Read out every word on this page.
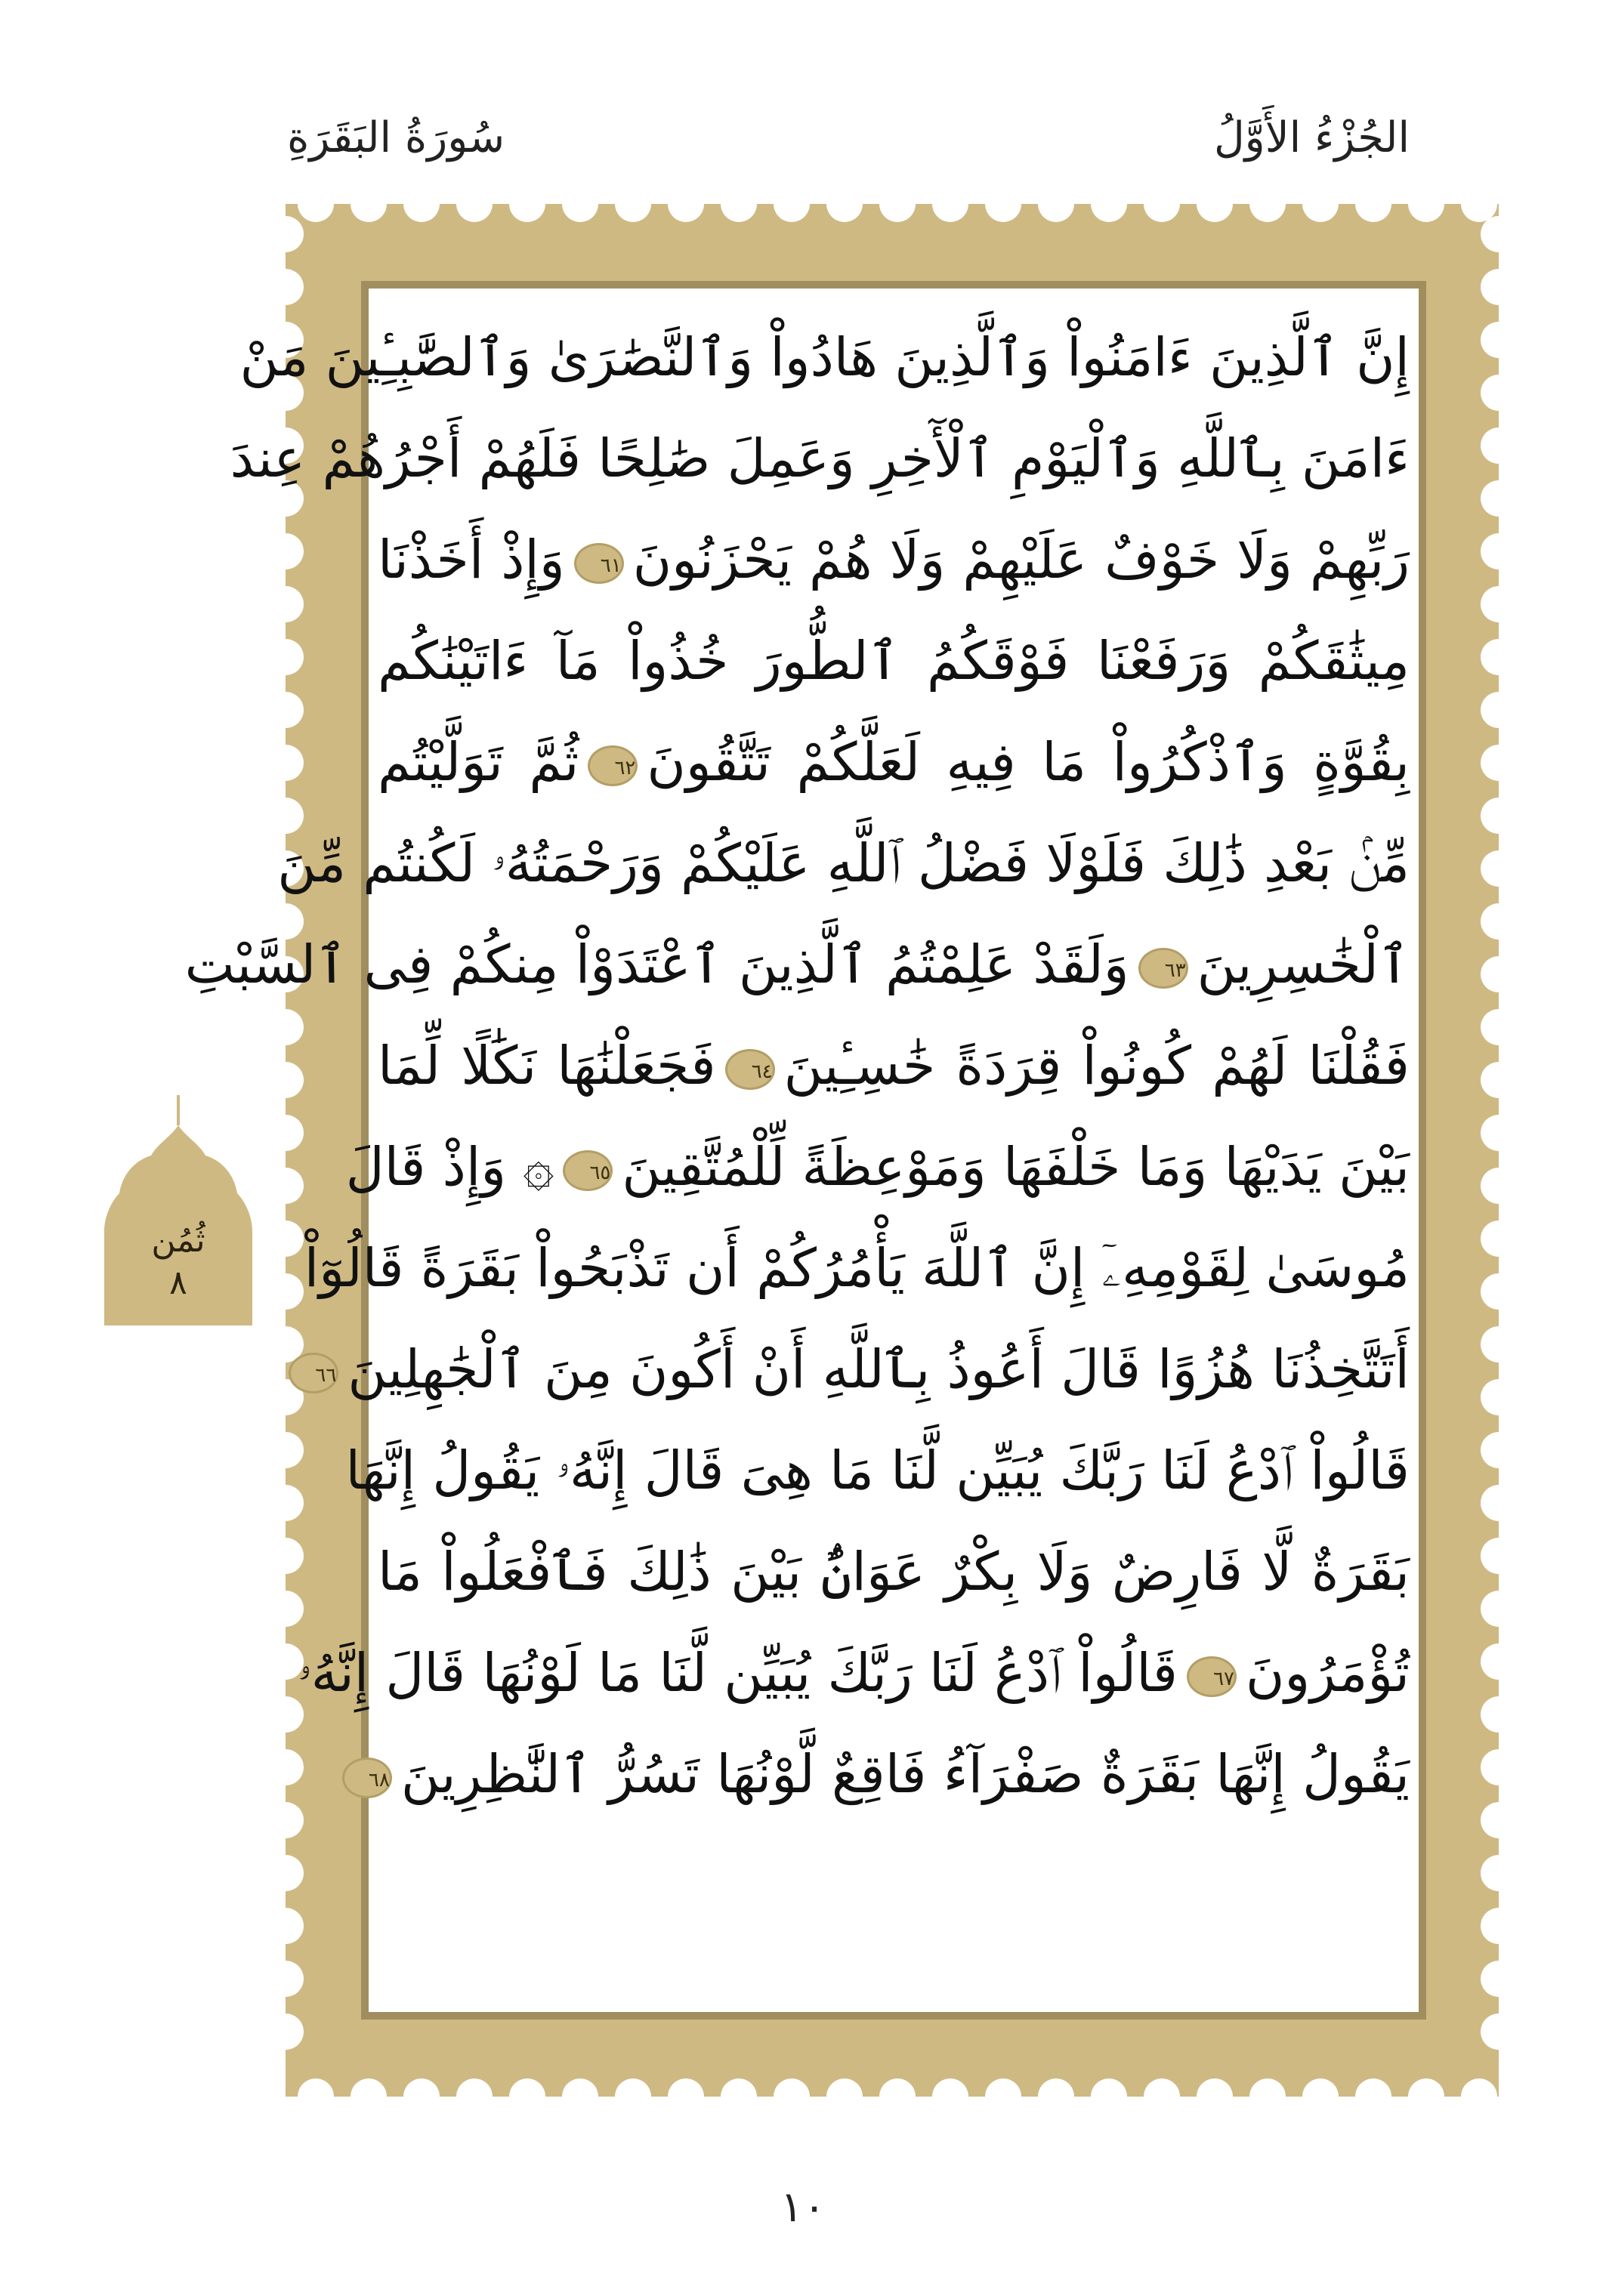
الجُزْءُ الأَوَّلُ
سُورَةُ البَقَرَةِ
إِنَّ ٱلَّذِينَ ءَامَنُواْ وَٱلَّذِينَ هَادُواْ وَٱلنَّصَٰرَىٰ وَٱلصَّٰبِـِٔينَ مَنْ
ءَامَنَ بِٱللَّهِ وَٱلْيَوْمِ ٱلْأٓخِرِ وَعَمِلَ صَٰلِحًا فَلَهُمْ أَجْرُهُمْ عِندَ
رَبِّهِمْ وَلَا خَوْفٌ عَلَيْهِمْ وَلَا هُمْ يَحْزَنُونَ٦١وَإِذْ أَخَذْنَا
مِيثَٰقَكُمْ وَرَفَعْنَا فَوْقَكُمُ ٱلطُّورَ خُذُواْ مَآ ءَاتَيْنَٰكُم
بِقُوَّةٍ وَٱذْكُرُواْ مَا فِيهِ لَعَلَّكُمْ تَتَّقُونَ٦٢ثُمَّ تَوَلَّيْتُم
مِّنۢ بَعْدِ ذَٰلِكَ فَلَوْلَا فَضْلُ ٱللَّهِ عَلَيْكُمْ وَرَحْمَتُهُۥ لَكُنتُم مِّنَ
ٱلْخَٰسِرِينَ٦٣وَلَقَدْ عَلِمْتُمُ ٱلَّذِينَ ٱعْتَدَوْاْ مِنكُمْ فِى ٱلسَّبْتِ
فَقُلْنَا لَهُمْ كُونُواْ قِرَدَةً خَٰسِـِٔينَ٦٤فَجَعَلْنَٰهَا نَكَٰلًا لِّمَا
بَيْنَ يَدَيْهَا وَمَا خَلْفَهَا وَمَوْعِظَةً لِّلْمُتَّقِينَ٦٥۞ وَإِذْ قَالَ
مُوسَىٰ لِقَوْمِهِۦٓ إِنَّ ٱللَّهَ يَأْمُرُكُمْ أَن تَذْبَحُواْ بَقَرَةً قَالُوٓاْ
أَتَتَّخِذُنَا هُزُوًا قَالَ أَعُوذُ بِٱللَّهِ أَنْ أَكُونَ مِنَ ٱلْجَٰهِلِينَ٦٦
قَالُواْ ٱدْعُ لَنَا رَبَّكَ يُبَيِّن لَّنَا مَا هِىَ قَالَ إِنَّهُۥ يَقُولُ إِنَّهَا
بَقَرَةٌ لَّا فَارِضٌ وَلَا بِكْرٌ عَوَانٌۢ بَيْنَ ذَٰلِكَ فَٱفْعَلُواْ مَا
تُؤْمَرُونَ٦٧قَالُواْ ٱدْعُ لَنَا رَبَّكَ يُبَيِّن لَّنَا مَا لَوْنُهَا قَالَ إِنَّهُۥ
يَقُولُ إِنَّهَا بَقَرَةٌ صَفْرَآءُ فَاقِعٌ لَّوْنُهَا تَسُرُّ ٱلنَّٰظِرِينَ٦٨
ثُمُن
٨
١٠
